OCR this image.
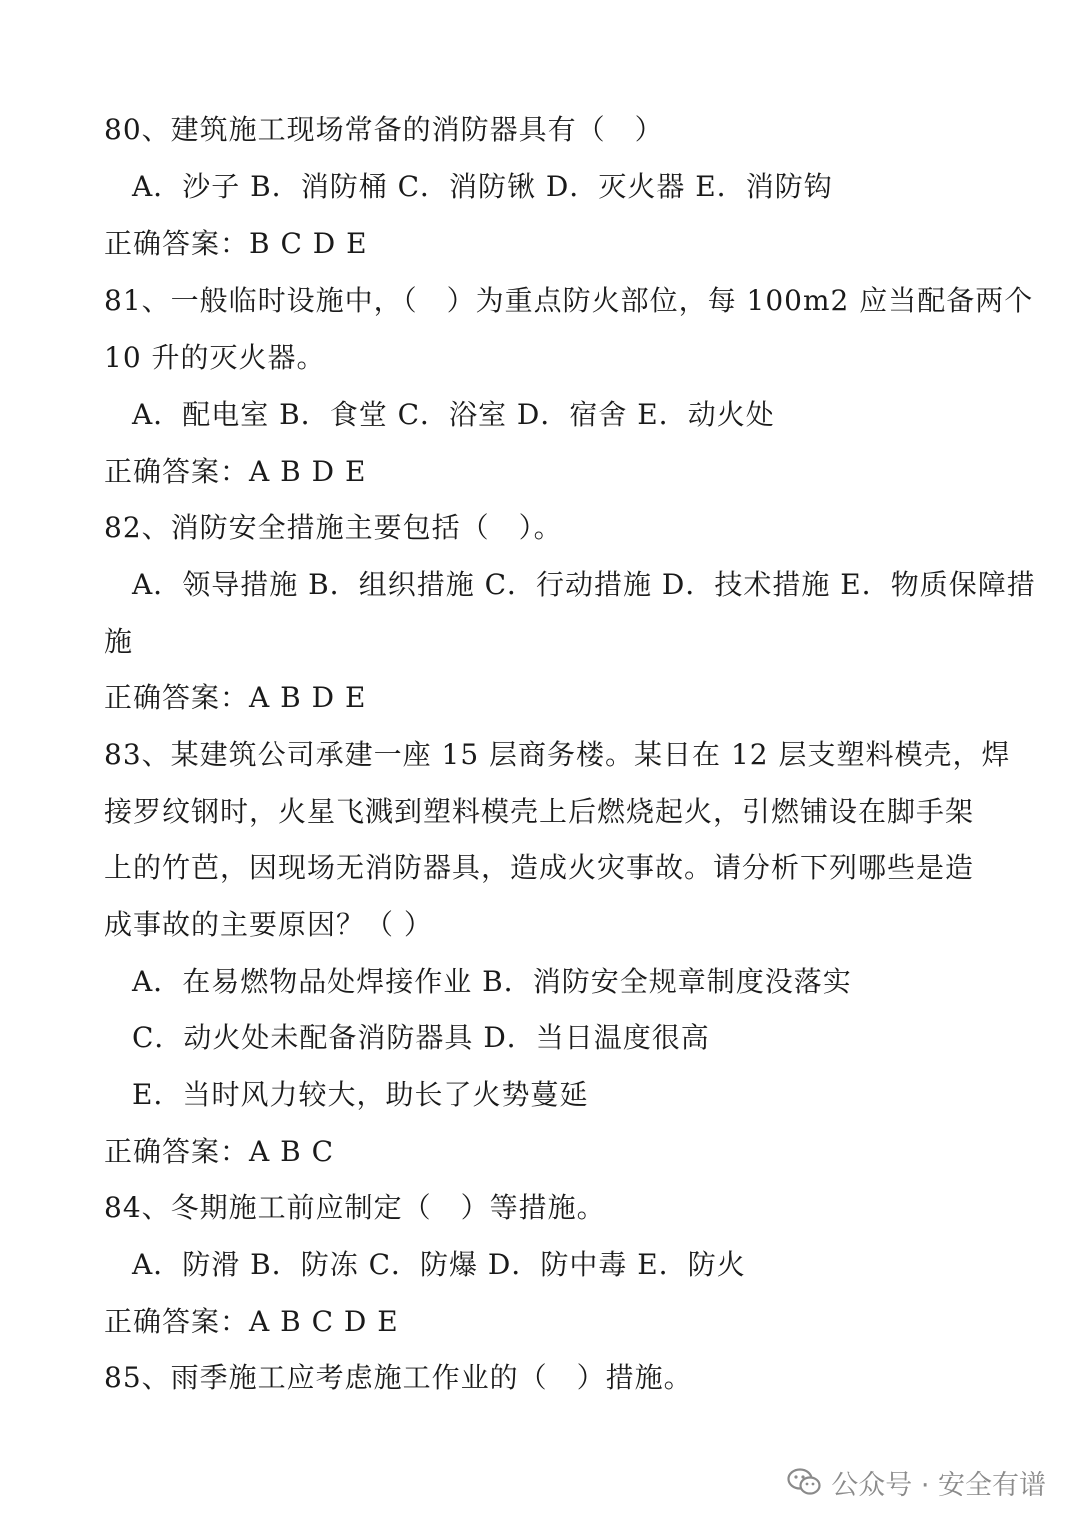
80、建筑施工现场常备的消防器具有（　）
A．沙子 B．消防桶 C．消防锹 D．灭火器 E．消防钩
正确答案：B C D E
81、一般临时设施中，（　）为重点防火部位，每 100m2 应当配备两个
10 升的灭火器。
A．配电室 B．食堂 C．浴室 D．宿舍 E．动火处
正确答案：A B D E
82、消防安全措施主要包括（　）。
A．领导措施 B．组织措施 C．行动措施 D．技术措施 E．物质保障措
施
正确答案：A B D E
83、某建筑公司承建一座 15 层商务楼。某日在 12 层支塑料模壳，焊
接罗纹钢时，火星飞溅到塑料模壳上后燃烧起火，引燃铺设在脚手架
上的竹芭，因现场无消防器具，造成火灾事故。请分析下列哪些是造
成事故的主要原因？（ ）
A．在易燃物品处焊接作业 B．消防安全规章制度没落实
C．动火处未配备消防器具 D．当日温度很高
E．当时风力较大，助长了火势蔓延
正确答案：A B C
84、冬期施工前应制定（　）等措施。
A．防滑 B．防冻 C．防爆 D．防中毒 E．防火
正确答案：A B C D E
85、雨季施工应考虑施工作业的（　）措施。
公众号 · 安全有谱
